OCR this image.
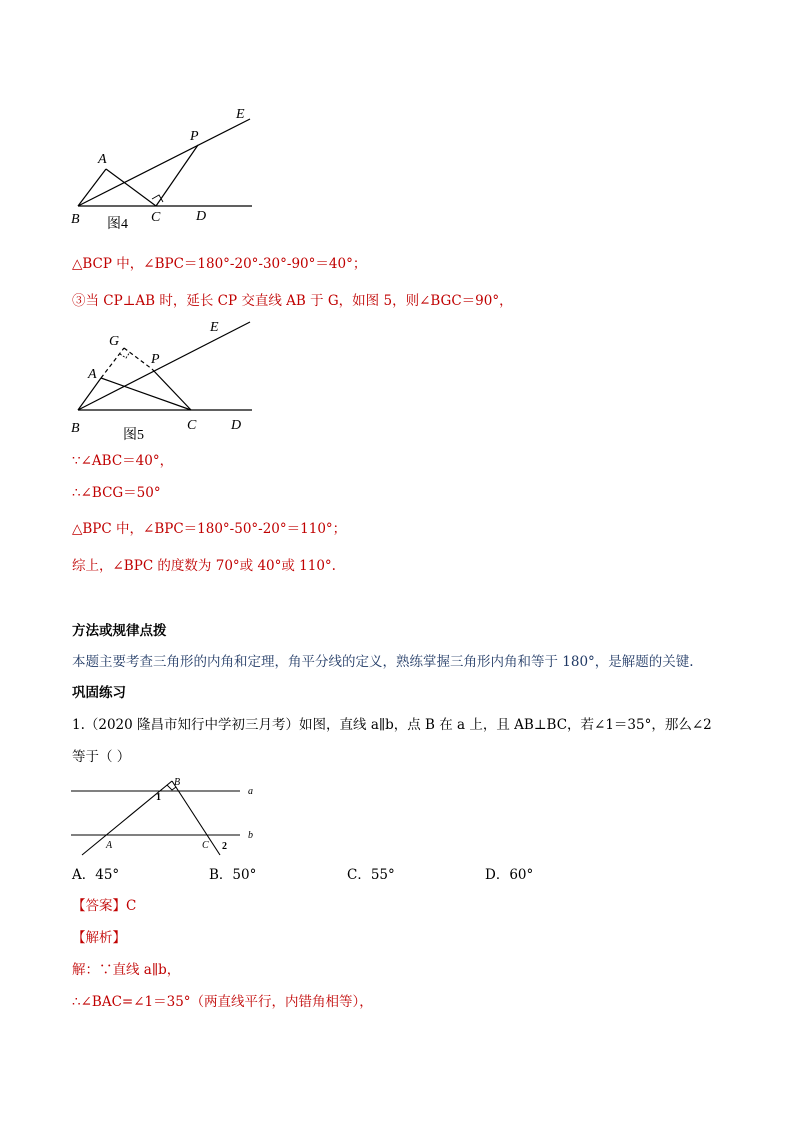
E
P
A
B	C	D
图4
△BCP 中，∠BPC＝180°-20°-30°-90°＝40°；
③当 CP⊥AB 时，延长 CP 交直线 AB 于 G，如图 5，则∠BGC＝90°，
G
E
P
A
B	C D
图5
∵∠ABC＝40°，
∴∠BCG＝50°
△BPC 中，∠BPC＝180°-50°-20°＝110°；
综上，∠BPC 的度数为 70°或 40°或 110°.
方法或规律点拨
本题主要考查三角形的内角和定理，角平分线的定义，熟练掌握三角形内角和等于 180°，是解题的关键.
巩固练习
1.（2020 隆昌市知行中学初三月考）如图，直线 a∥b，点 B 在 a 上，且 AB⊥BC，若∠1＝35°，那么∠2
等于（ ）
B
a
1
b
A	C 2
A．45°	B．50°	C．55°	D．60°
【答案】C
【解析】
解：∵直线 a∥b，
∴∠BAC=∠1＝35°（两直线平行，内错角相等），
